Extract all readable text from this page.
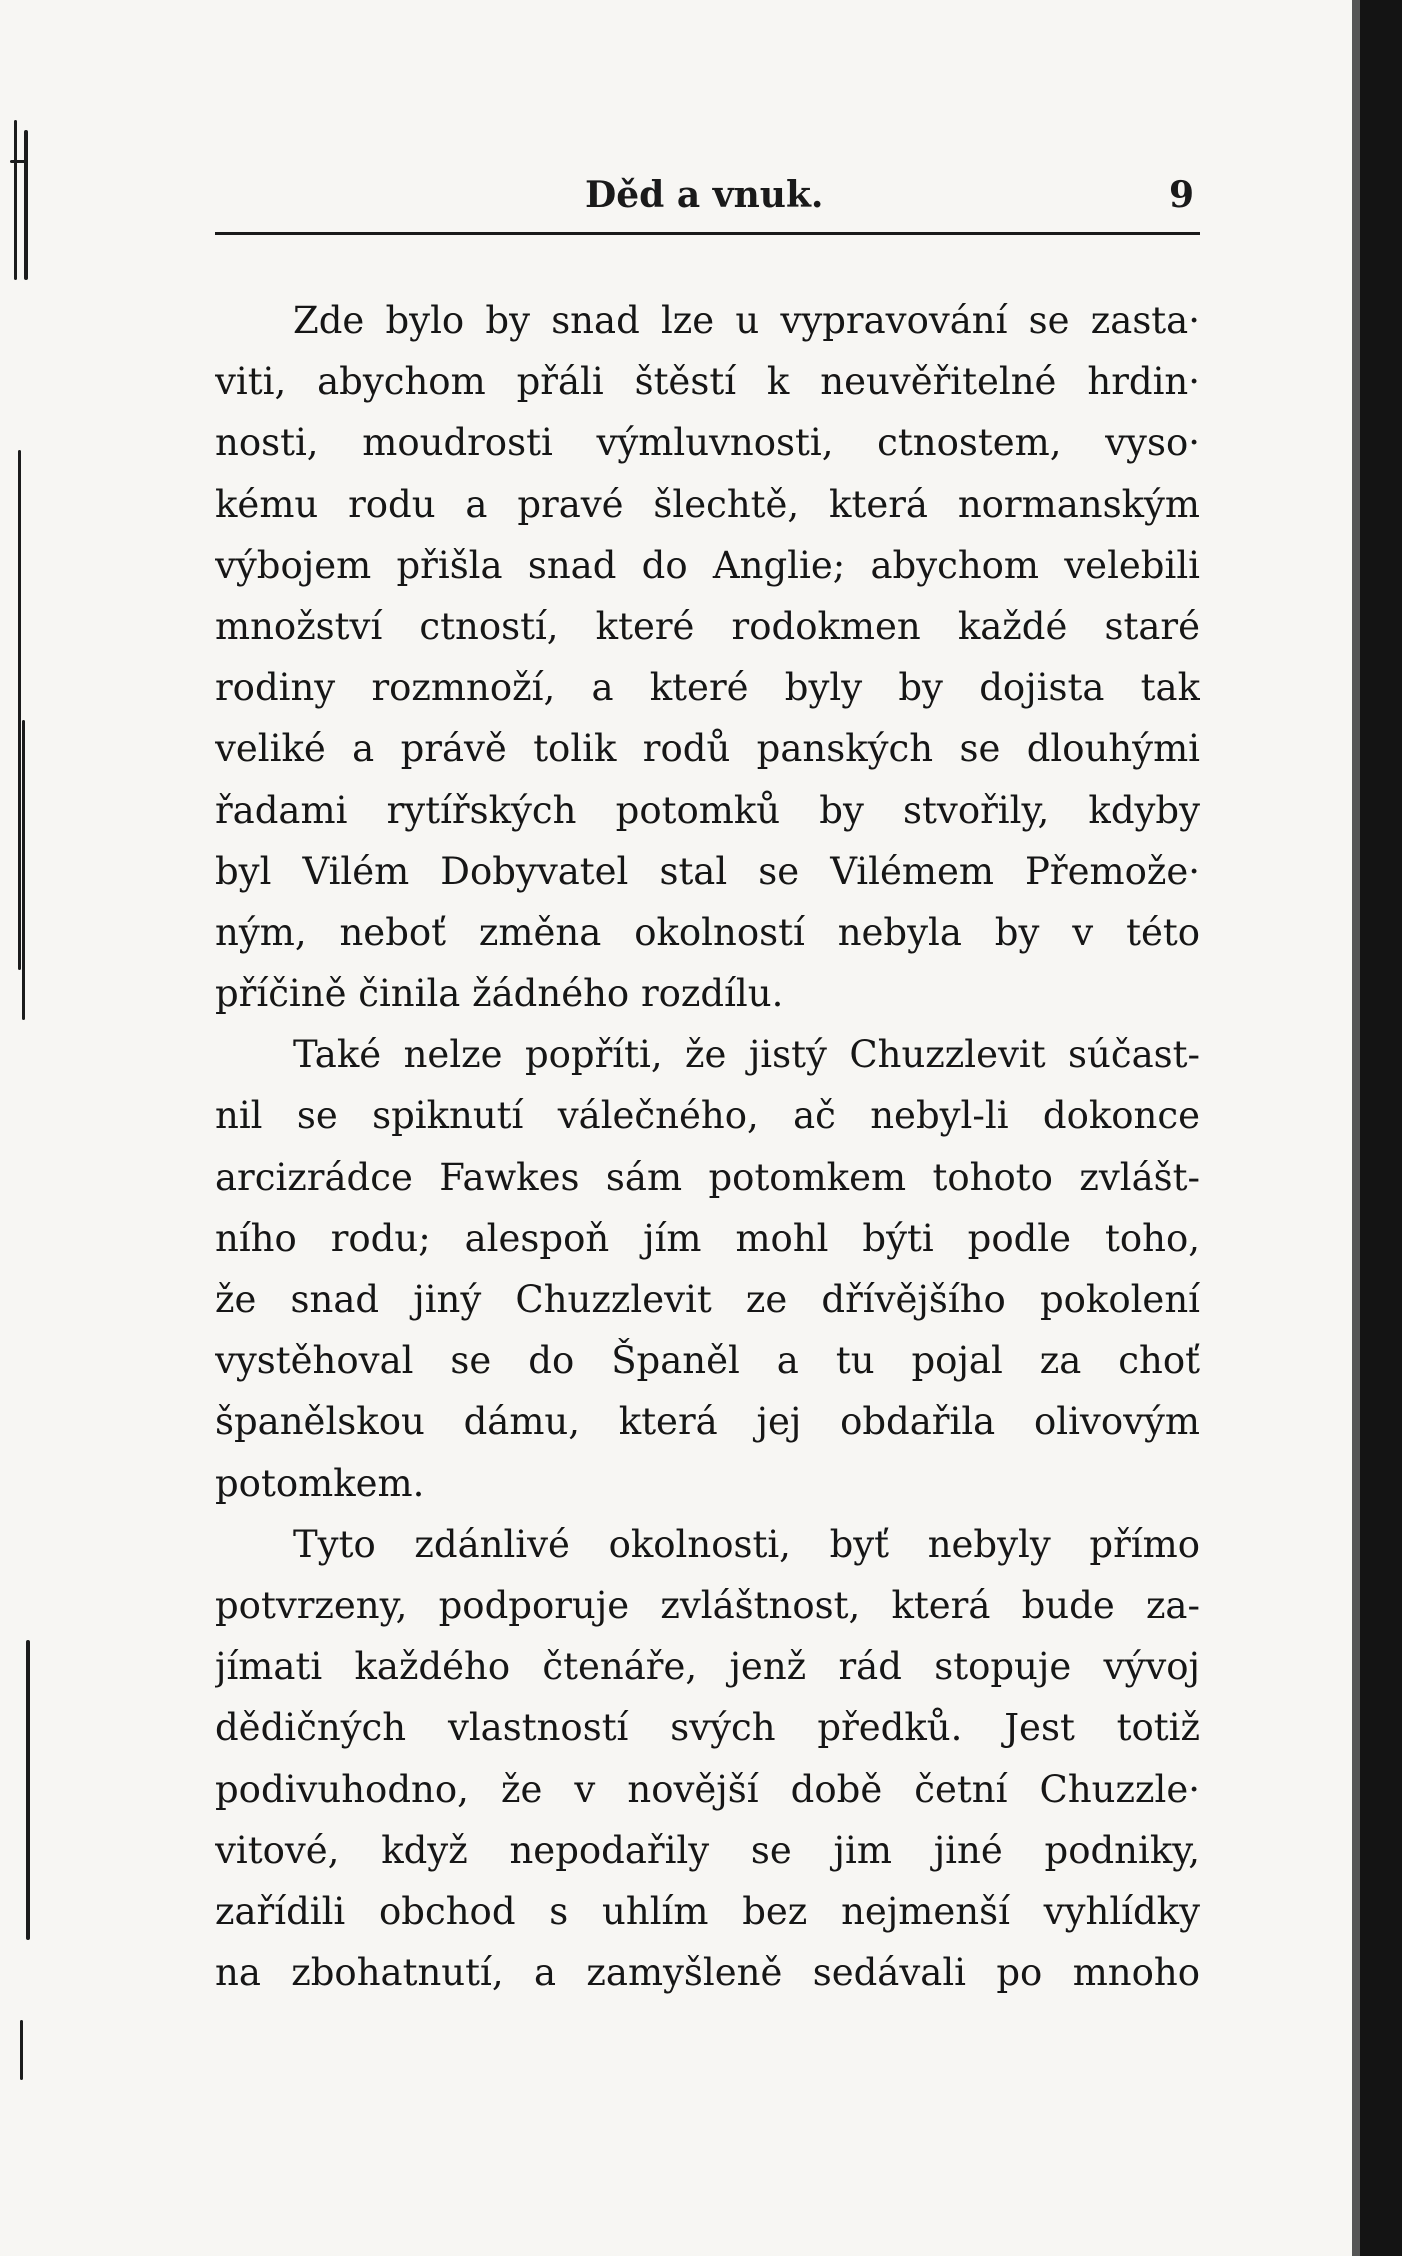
Děd a vnuk.	9
Zde bylo by snad lze u vypravování se zasta·
viti, abychom přáli štěstí k neuvěřitelné hrdin·
nosti, moudrosti výmluvnosti, ctnostem, vyso·
kému rodu a pravé šlechtě, která normanským
výbojem přišla snad do Anglie; abychom velebili
množství ctností, které rodokmen každé staré
rodiny rozmnoží, a které byly by dojista tak
veliké a právě tolik rodů panských se dlouhými
řadami rytířských potomků by stvořily, kdyby
byl Vilém Dobyvatel stal se Vilémem Přemože·
ným, neboť změna okolností nebyla by v této
příčině činila žádného rozdílu.
Také nelze popříti, že jistý Chuzzlevit súčast-
nil se spiknutí válečného, ač nebyl-li dokonce
arcizrádce Fawkes sám potomkem tohoto zvlášt-
ního rodu; alespoň jím mohl býti podle toho,
že snad jiný Chuzzlevit ze dřívějšího pokolení
vystěhoval se do Španěl a tu pojal za choť
španělskou dámu, která jej obdařila olivovým
potomkem.
Tyto zdánlivé okolnosti, byť nebyly přímo
potvrzeny, podporuje zvláštnost, která bude za-
jímati každého čtenáře, jenž rád stopuje vývoj
dědičných vlastností svých předků. Jest totiž
podivuhodno, že v novější době četní Chuzzle·
vitové, když nepodařily se jim jiné podniky,
zařídili obchod s uhlím bez nejmenší vyhlídky
na zbohatnutí, a zamyšleně sedávali po mnoho
